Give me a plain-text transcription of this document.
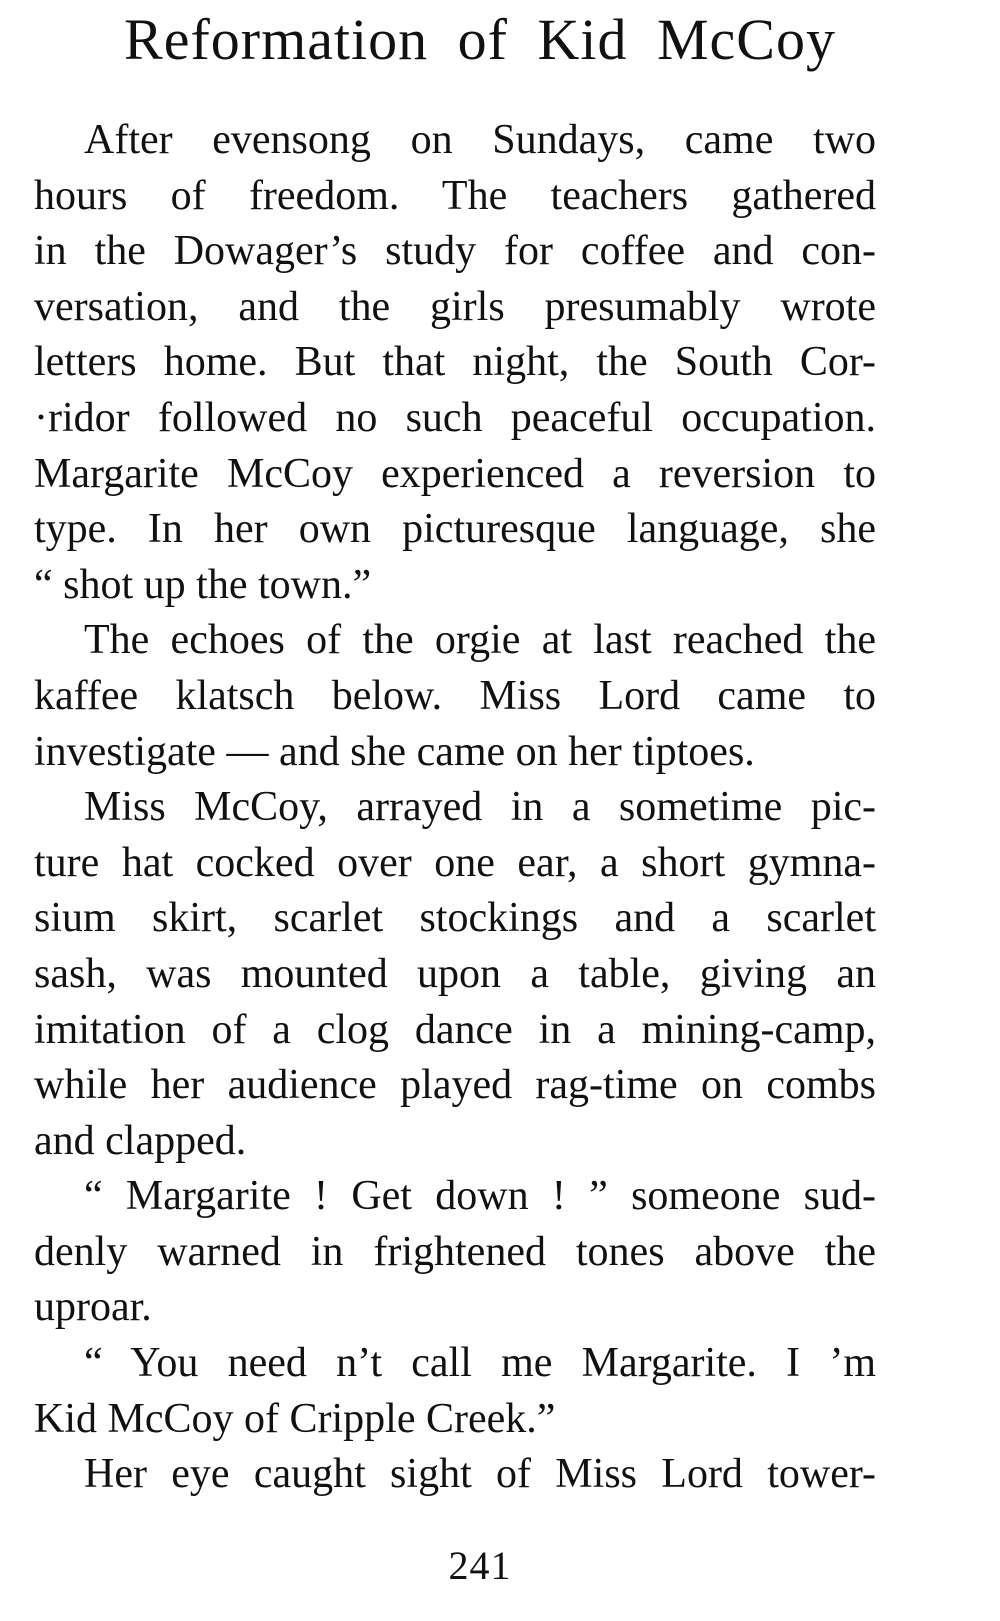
Reformation of Kid McCoy
After evensong on Sundays, came two
hours of freedom. The teachers gathered
in the Dowager’s study for coffee and con-
versation, and the girls presumably wrote
letters home. But that night, the South Cor-
·ridor followed no such peaceful occupation.
Margarite McCoy experienced a reversion to
type. In her own picturesque language, she
“ shot up the town.”
The echoes of the orgie at last reached the
kaffee klatsch below. Miss Lord came to
investigate — and she came on her tiptoes.
Miss McCoy, arrayed in a sometime pic-
ture hat cocked over one ear, a short gymna-
sium skirt, scarlet stockings and a scarlet
sash, was mounted upon a table, giving an
imitation of a clog dance in a mining-camp,
while her audience played rag-time on combs
and clapped.
“ Margarite ! Get down ! ” someone sud-
denly warned in frightened tones above the
uproar.
“ You need n’t call me Margarite. I ’m
Kid McCoy of Cripple Creek.”
Her eye caught sight of Miss Lord tower-
241
